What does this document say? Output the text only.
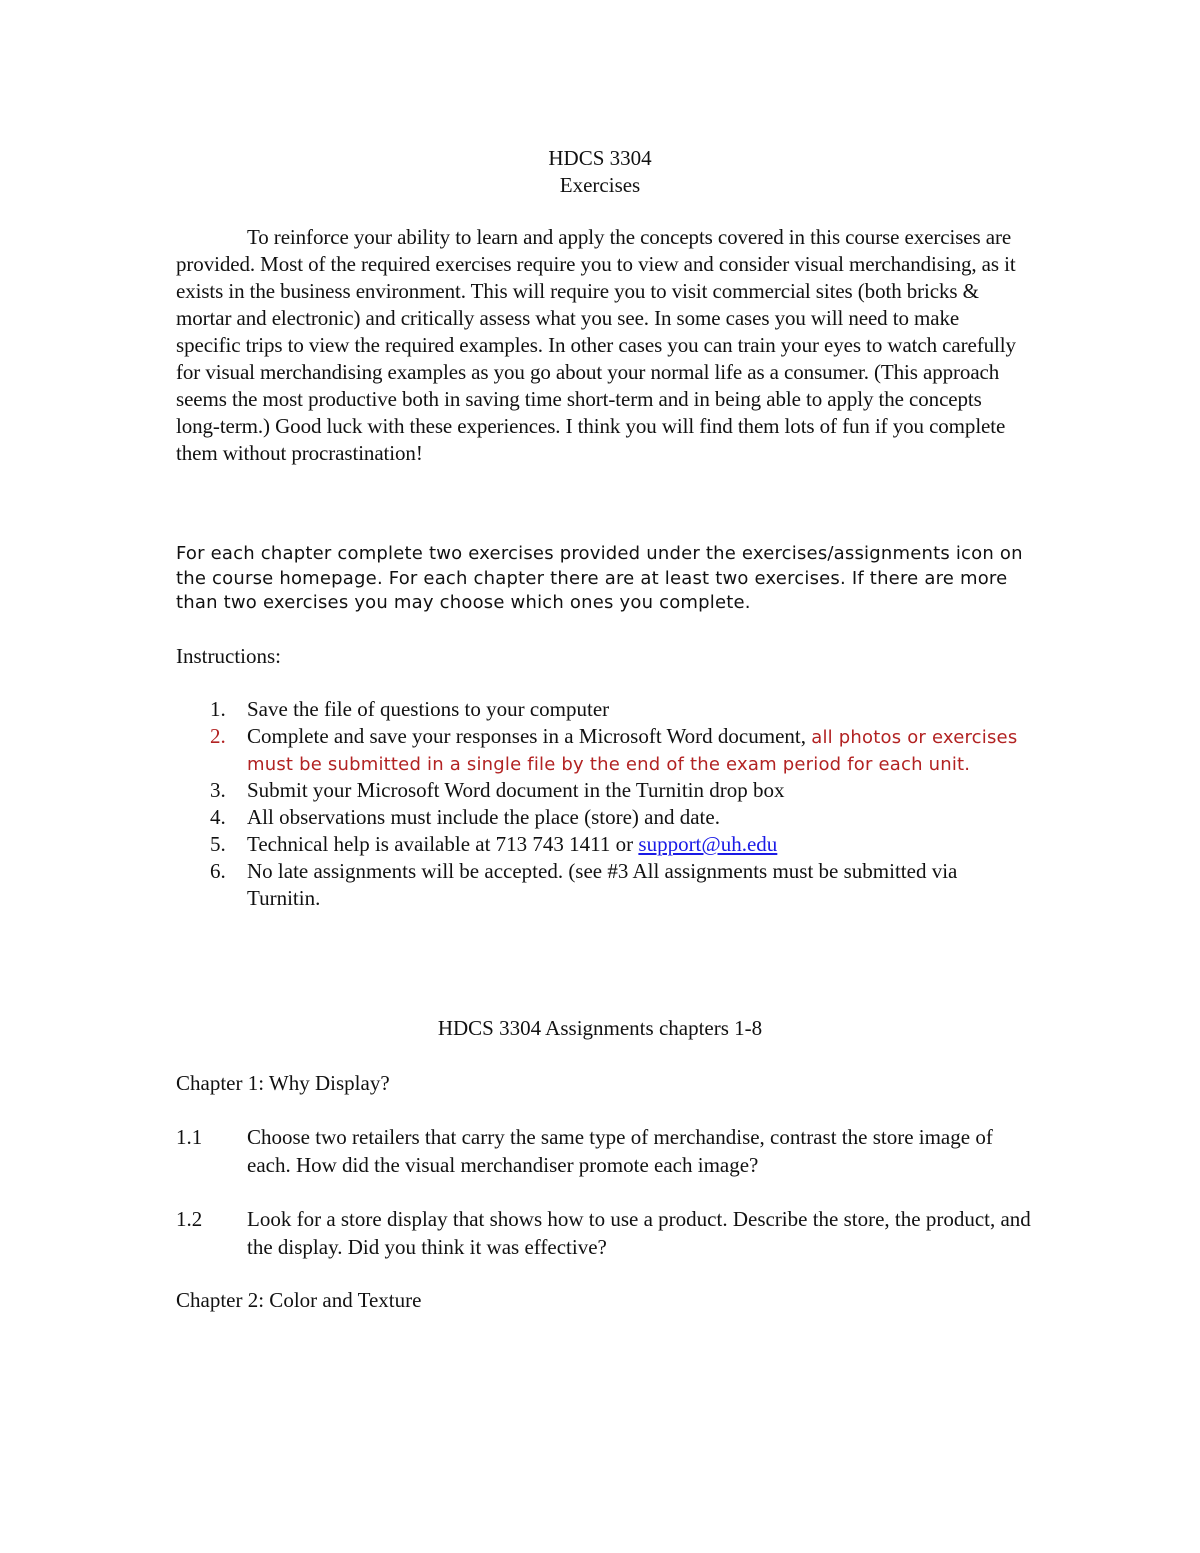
HDCS 3304
Exercises

To reinforce your ability to learn and apply the concepts covered in this course exercises are provided. Most of the required exercises require you to view and consider visual merchandising, as it exists in the business environment. This will require you to visit commercial sites (both bricks & mortar and electronic) and critically assess what you see. In some cases you will need to make specific trips to view the required examples. In other cases you can train your eyes to watch carefully for visual merchandising examples as you go about your normal life as a consumer. (This approach seems the most productive both in saving time short-term and in being able to apply the concepts long-term.) Good luck with these experiences. I think you will find them lots of fun if you complete them without procrastination!

For each chapter complete two exercises provided under the exercises/assignments icon on the course homepage. For each chapter there are at least two exercises. If there are more than two exercises you may choose which ones you complete.

Instructions:
1. Save the file of questions to your computer
2. Complete and save your responses in a Microsoft Word document, all photos or exercises must be submitted in a single file by the end of the exam period for each unit.
3. Submit your Microsoft Word document in the Turnitin drop box
4. All observations must include the place (store) and date.
5. Technical help is available at 713 743 1411 or support@uh.edu
6. No late assignments will be accepted. (see #3 All assignments must be submitted via Turnitin.
HDCS 3304 Assignments chapters 1-8
Chapter 1: Why Display?
1.1 Choose two retailers that carry the same type of merchandise, contrast the store image of each. How did the visual merchandiser promote each image?

1.2 Look for a store display that shows how to use a product. Describe the store, the product, and the display. Did you think it was effective?

Chapter 2: Color and Texture
